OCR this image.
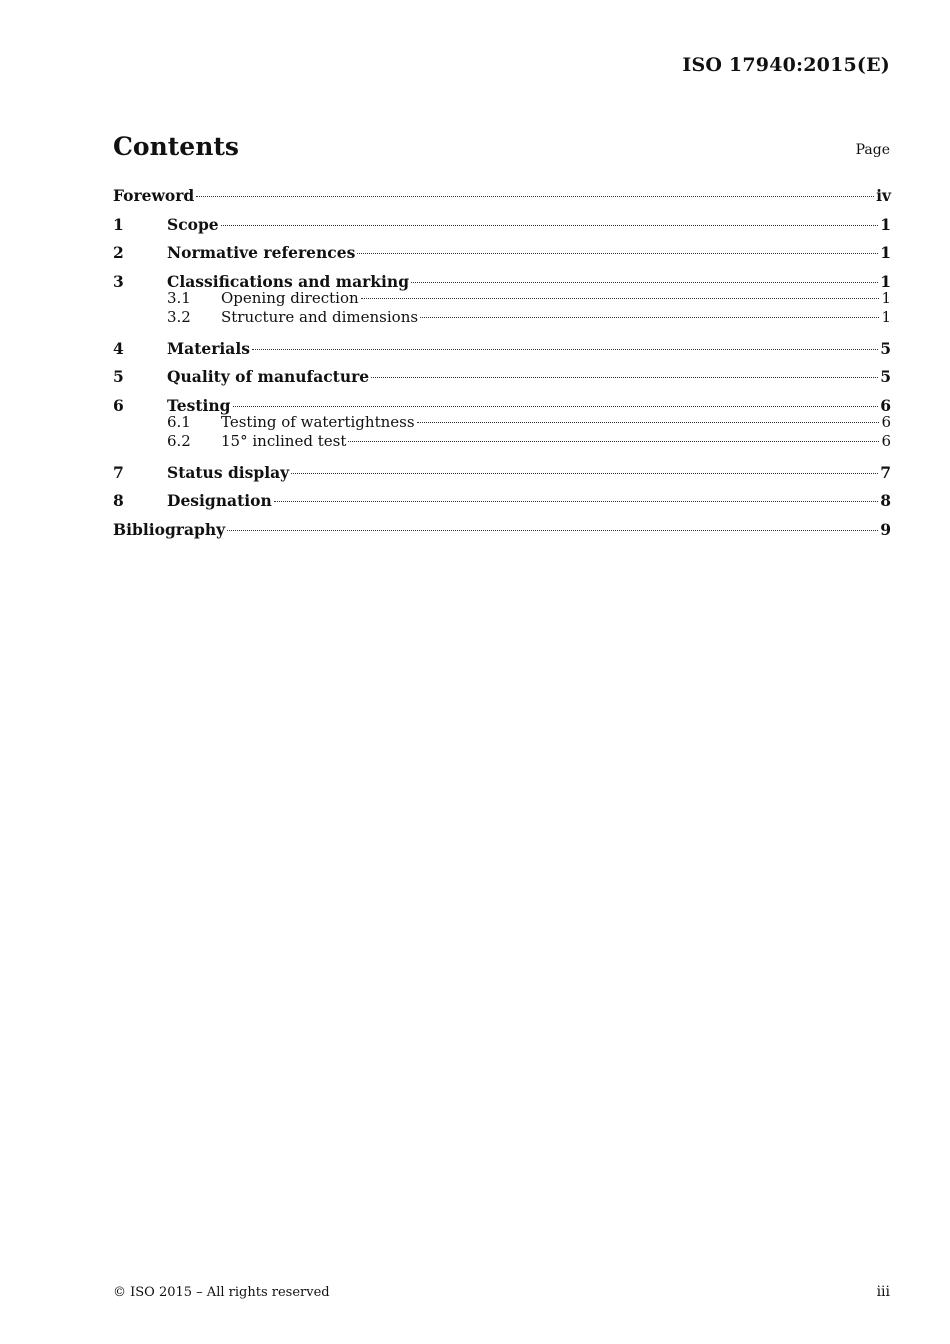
ISO 17940:2015(E)
Contents	Page
Foreword	iv
1	Scope	1
2	Normative references	1
3	Classifications and marking	1
3.1	Opening direction	1
3.2	Structure and dimensions	1
4	Materials	5
5	Quality of manufacture	5
6	Testing	6
6.1	Testing of watertightness	6
6.2	15° inclined test	6
7	Status display	7
8	Designation	8
Bibliography	9
© ISO 2015 – All rights reserved	iii
